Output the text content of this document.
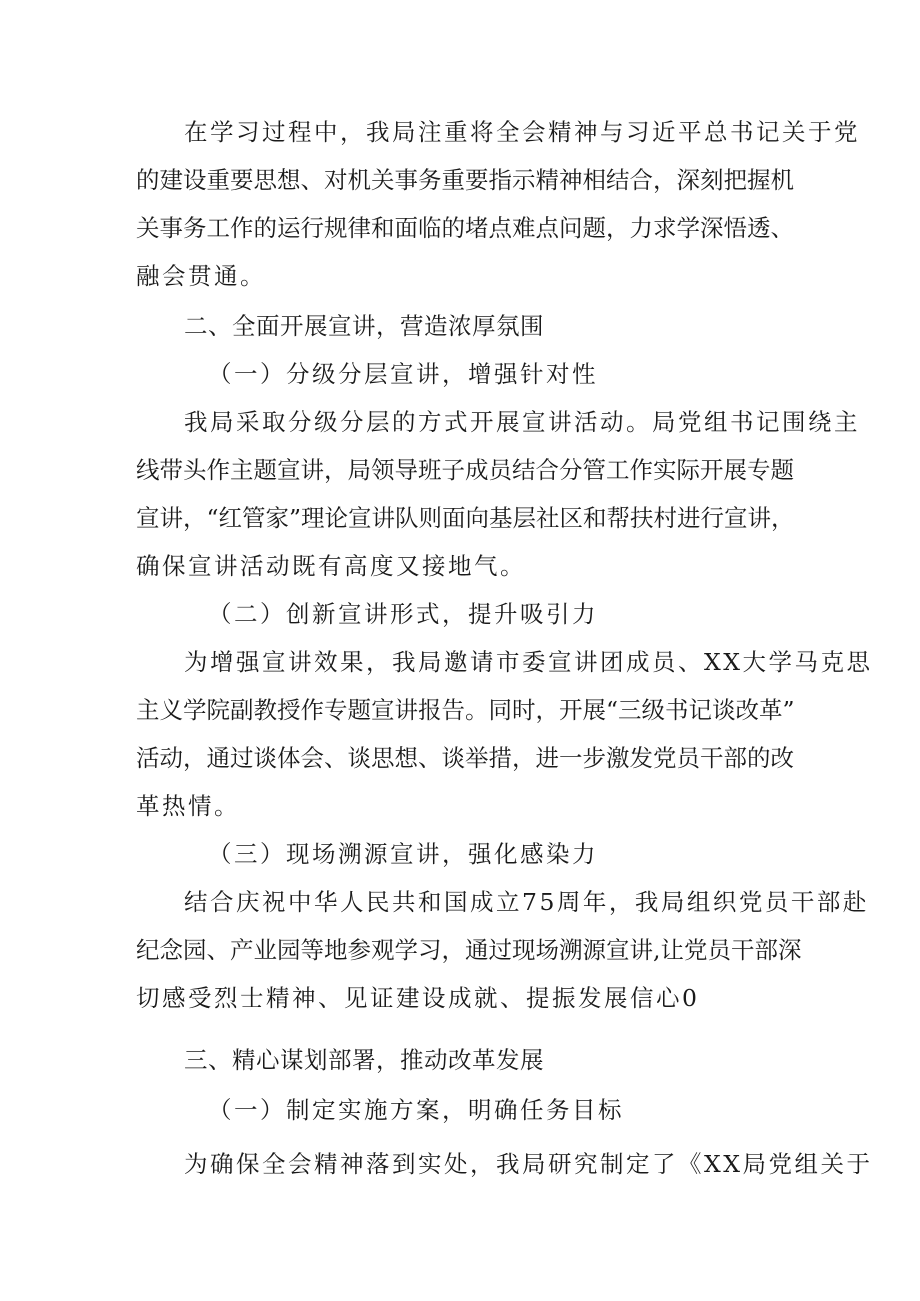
在学习过程中，我局注重将全会精神与习近平总书记关于党
的建设重要思想、对机关事务重要指示精神相结合，深刻把握机
关事务工作的运行规律和面临的堵点难点问题，力求学深悟透、
融会贯通。
二、全面开展宣讲，营造浓厚氛围
（一）分级分层宣讲，增强针对性
我局采取分级分层的方式开展宣讲活动。局党组书记围绕主
线带头作主题宣讲，局领导班子成员结合分管工作实际开展专题
宣讲，“红管家”理论宣讲队则面向基层社区和帮扶村进行宣讲，
确保宣讲活动既有高度又接地气。
（二）创新宣讲形式，提升吸引力
为增强宣讲效果，我局邀请市委宣讲团成员、XX大学马克思
主义学院副教授作专题宣讲报告。同时，开展“三级书记谈改革”
活动，通过谈体会、谈思想、谈举措，进一步激发党员干部的改
革热情。
（三）现场溯源宣讲，强化感染力
结合庆祝中华人民共和国成立75周年，我局组织党员干部赴
纪念园、产业园等地参观学习，通过现场溯源宣讲,让党员干部深
切感受烈士精神、见证建设成就、提振发展信心0
三、精心谋划部署，推动改革发展
（一）制定实施方案，明确任务目标
为确保全会精神落到实处，我局研究制定了《XX局党组关于
